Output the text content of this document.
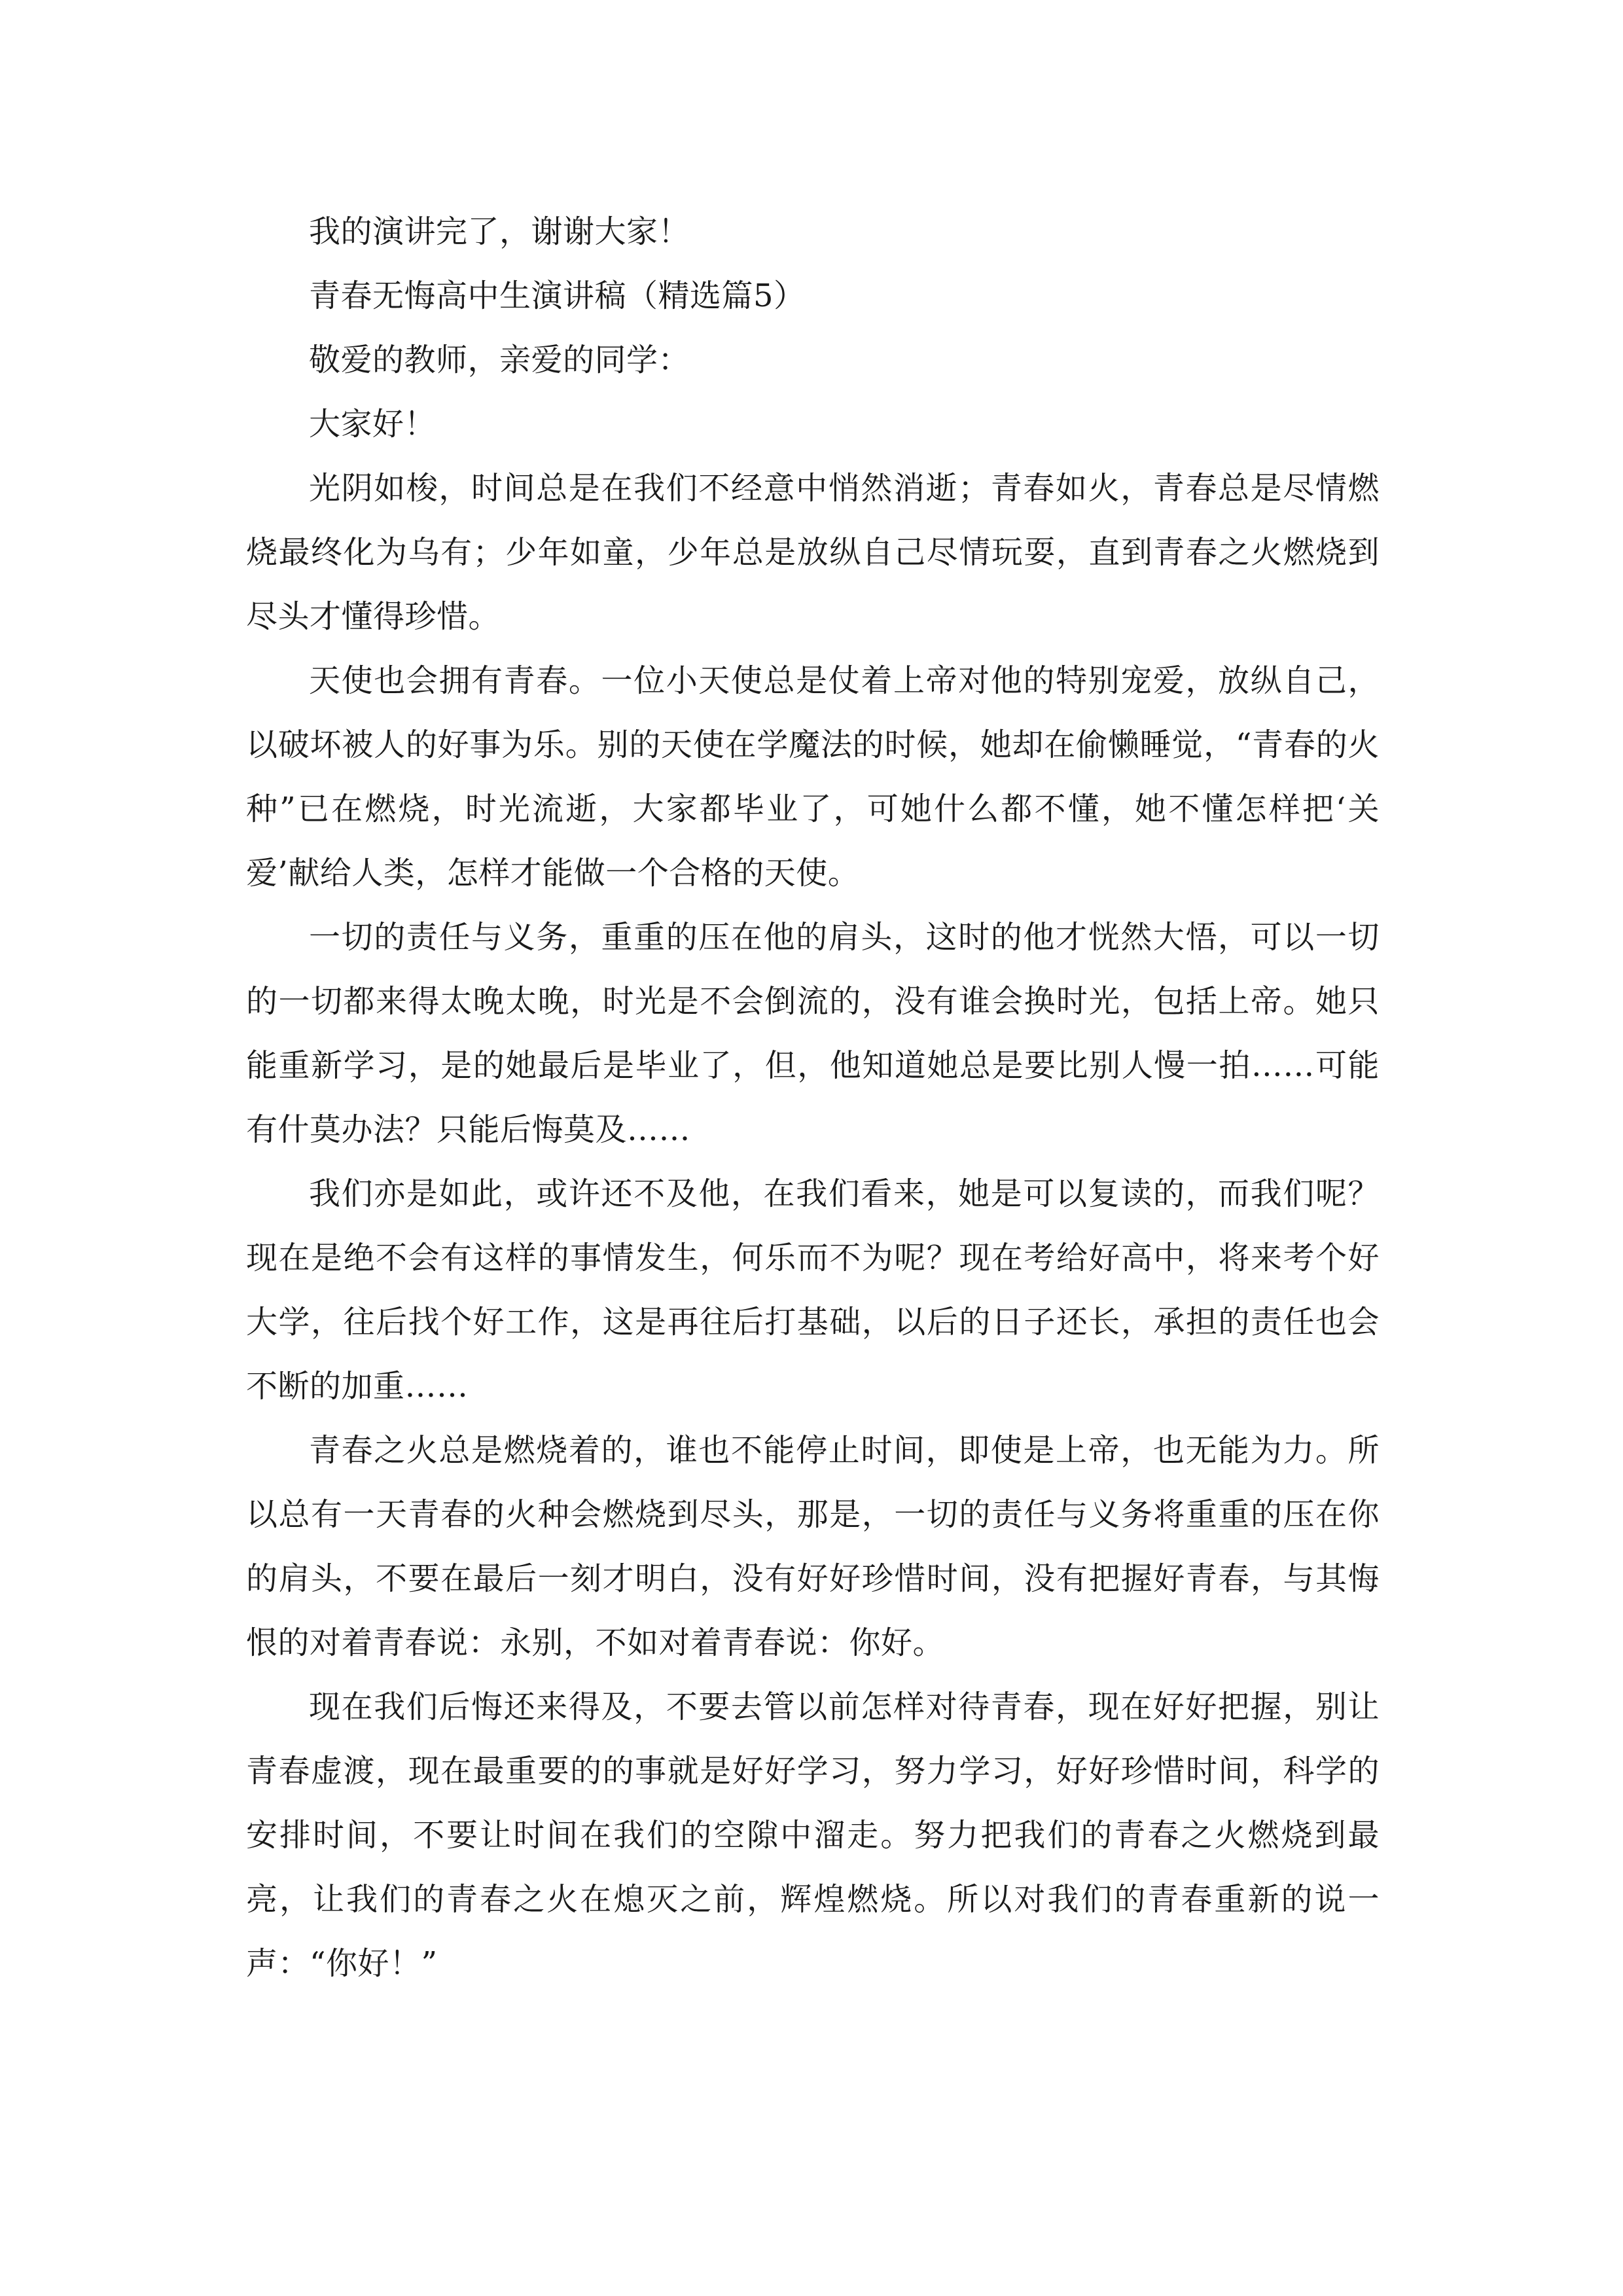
我的演讲完了，谢谢大家！

青春无悔高中生演讲稿（精选篇5）

敬爱的教师，亲爱的同学：

大家好！

光阴如梭，时间总是在我们不经意中悄然消逝；青春如火，青春总是尽情燃烧最终化为乌有；少年如童，少年总是放纵自己尽情玩耍，直到青春之火燃烧到尽头才懂得珍惜。

天使也会拥有青春。一位小天使总是仗着上帝对他的特别宠爱，放纵自己，以破坏被人的好事为乐。别的天使在学魔法的时候，她却在偷懒睡觉，“青春的火种”已在燃烧，时光流逝，大家都毕业了，可她什么都不懂，她不懂怎样把‘关爱’献给人类，怎样才能做一个合格的天使。

一切的责任与义务，重重的压在他的肩头，这时的他才恍然大悟，可以一切的一切都来得太晚太晚，时光是不会倒流的，没有谁会换时光，包括上帝。她只能重新学习，是的她最后是毕业了，但，他知道她总是要比别人慢一拍……可能有什莫办法？只能后悔莫及……

我们亦是如此，或许还不及他，在我们看来，她是可以复读的，而我们呢？现在是绝不会有这样的事情发生，何乐而不为呢？现在考给好高中，将来考个好大学，往后找个好工作，这是再往后打基础，以后的日子还长，承担的责任也会不断的加重……

青春之火总是燃烧着的，谁也不能停止时间，即使是上帝，也无能为力。所以总有一天青春的火种会燃烧到尽头，那是，一切的责任与义务将重重的压在你的肩头，不要在最后一刻才明白，没有好好珍惜时间，没有把握好青春，与其悔恨的对着青春说：永别，不如对着青春说：你好。

现在我们后悔还来得及，不要去管以前怎样对待青春，现在好好把握，别让青春虚渡，现在最重要的的事就是好好学习，努力学习，好好珍惜时间，科学的安排时间，不要让时间在我们的空隙中溜走。努力把我们的青春之火燃烧到最亮，让我们的青春之火在熄灭之前，辉煌燃烧。所以对我们的青春重新的说一声：“你好！”
